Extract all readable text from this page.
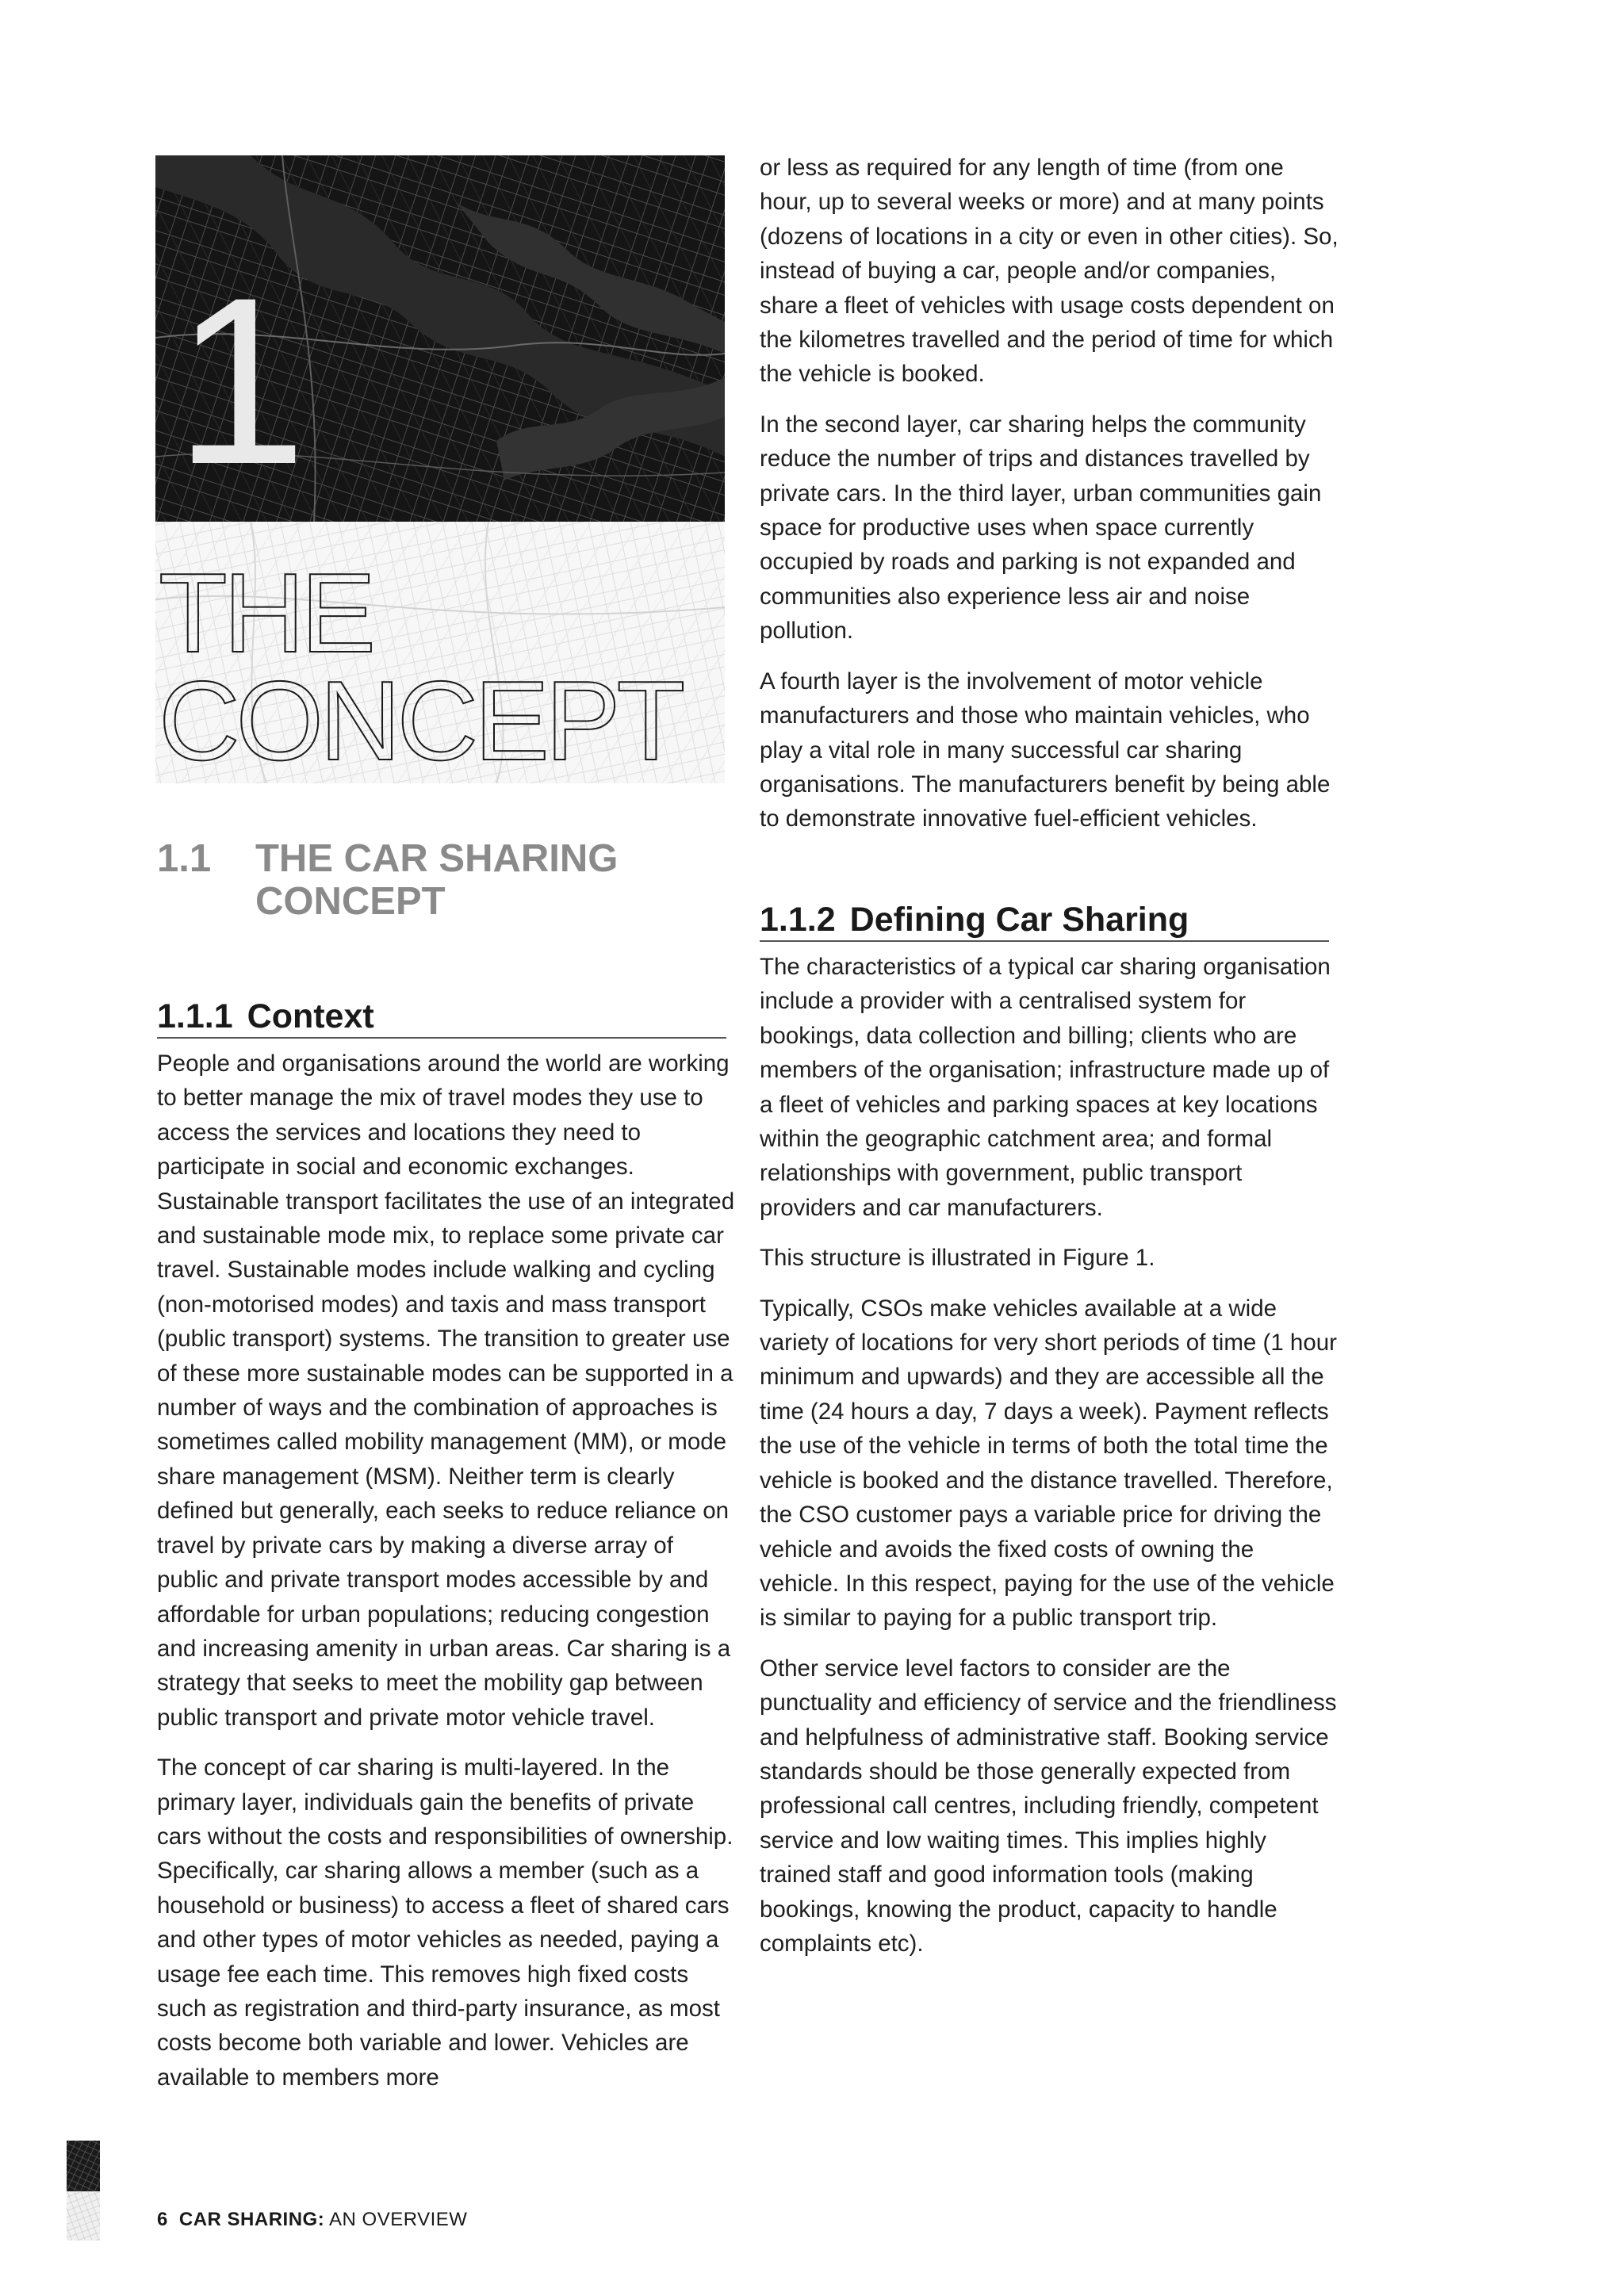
1
THE
CONCEPT
1.1	THE CAR SHARING CONCEPT
1.1.1 Context

People and organisations around the world are working to better manage the mix of travel modes they use to access the services and locations they need to participate in social and economic exchanges. Sustainable transport facilitates the use of an integrated and sustainable mode mix, to replace some private car travel. Sustainable modes include walking and cycling (non-motorised modes) and taxis and mass transport (public transport) systems. The transition to greater use of these more sustainable modes can be supported in a number of ways and the combination of approaches is sometimes called mobility management (MM), or mode share management (MSM). Neither term is clearly defined but generally, each seeks to reduce reliance on travel by private cars by making a diverse array of public and private transport modes accessible by and affordable for urban populations; reducing congestion and increasing amenity in urban areas. Car sharing is a strategy that seeks to meet the mobility gap between public transport and private motor vehicle travel.

The concept of car sharing is multi-layered. In the primary layer, individuals gain the benefits of private cars without the costs and responsibilities of ownership. Specifically, car sharing allows a member (such as a household or business) to access a fleet of shared cars and other types of motor vehicles as needed, paying a usage fee each time. This removes high fixed costs such as registration and third-party insurance, as most costs become both variable and lower. Vehicles are available to members more

or less as required for any length of time (from one hour, up to several weeks or more) and at many points (dozens of locations in a city or even in other cities). So, instead of buying a car, people and/or companies, share a fleet of vehicles with usage costs dependent on the kilometres travelled and the period of time for which the vehicle is booked.

In the second layer, car sharing helps the community reduce the number of trips and distances travelled by private cars. In the third layer, urban communities gain space for productive uses when space currently occupied by roads and parking is not expanded and communities also experience less air and noise pollution.

A fourth layer is the involvement of motor vehicle manufacturers and those who maintain vehicles, who play a vital role in many successful car sharing organisations. The manufacturers benefit by being able to demonstrate innovative fuel-efficient vehicles.

1.1.2 Defining Car Sharing

The characteristics of a typical car sharing organisation include a provider with a centralised system for bookings, data collection and billing; clients who are members of the organisation; infrastructure made up of a fleet of vehicles and parking spaces at key locations within the geographic catchment area; and formal relationships with government, public transport providers and car manufacturers.

This structure is illustrated in Figure 1.

Typically, CSOs make vehicles available at a wide variety of locations for very short periods of time (1 hour minimum and upwards) and they are accessible all the time (24 hours a day, 7 days a week). Payment reflects the use of the vehicle in terms of both the total time the vehicle is booked and the distance travelled. Therefore, the CSO customer pays a variable price for driving the vehicle and avoids the fixed costs of owning the vehicle. In this respect, paying for the use of the vehicle is similar to paying for a public transport trip.

Other service level factors to consider are the punctuality and efficiency of service and the friendliness and helpfulness of administrative staff. Booking service standards should be those generally expected from professional call centres, including friendly, competent service and low waiting times. This implies highly trained staff and good information tools (making bookings, knowing the product, capacity to handle complaints etc).

6 CAR SHARING: AN OVERVIEW
